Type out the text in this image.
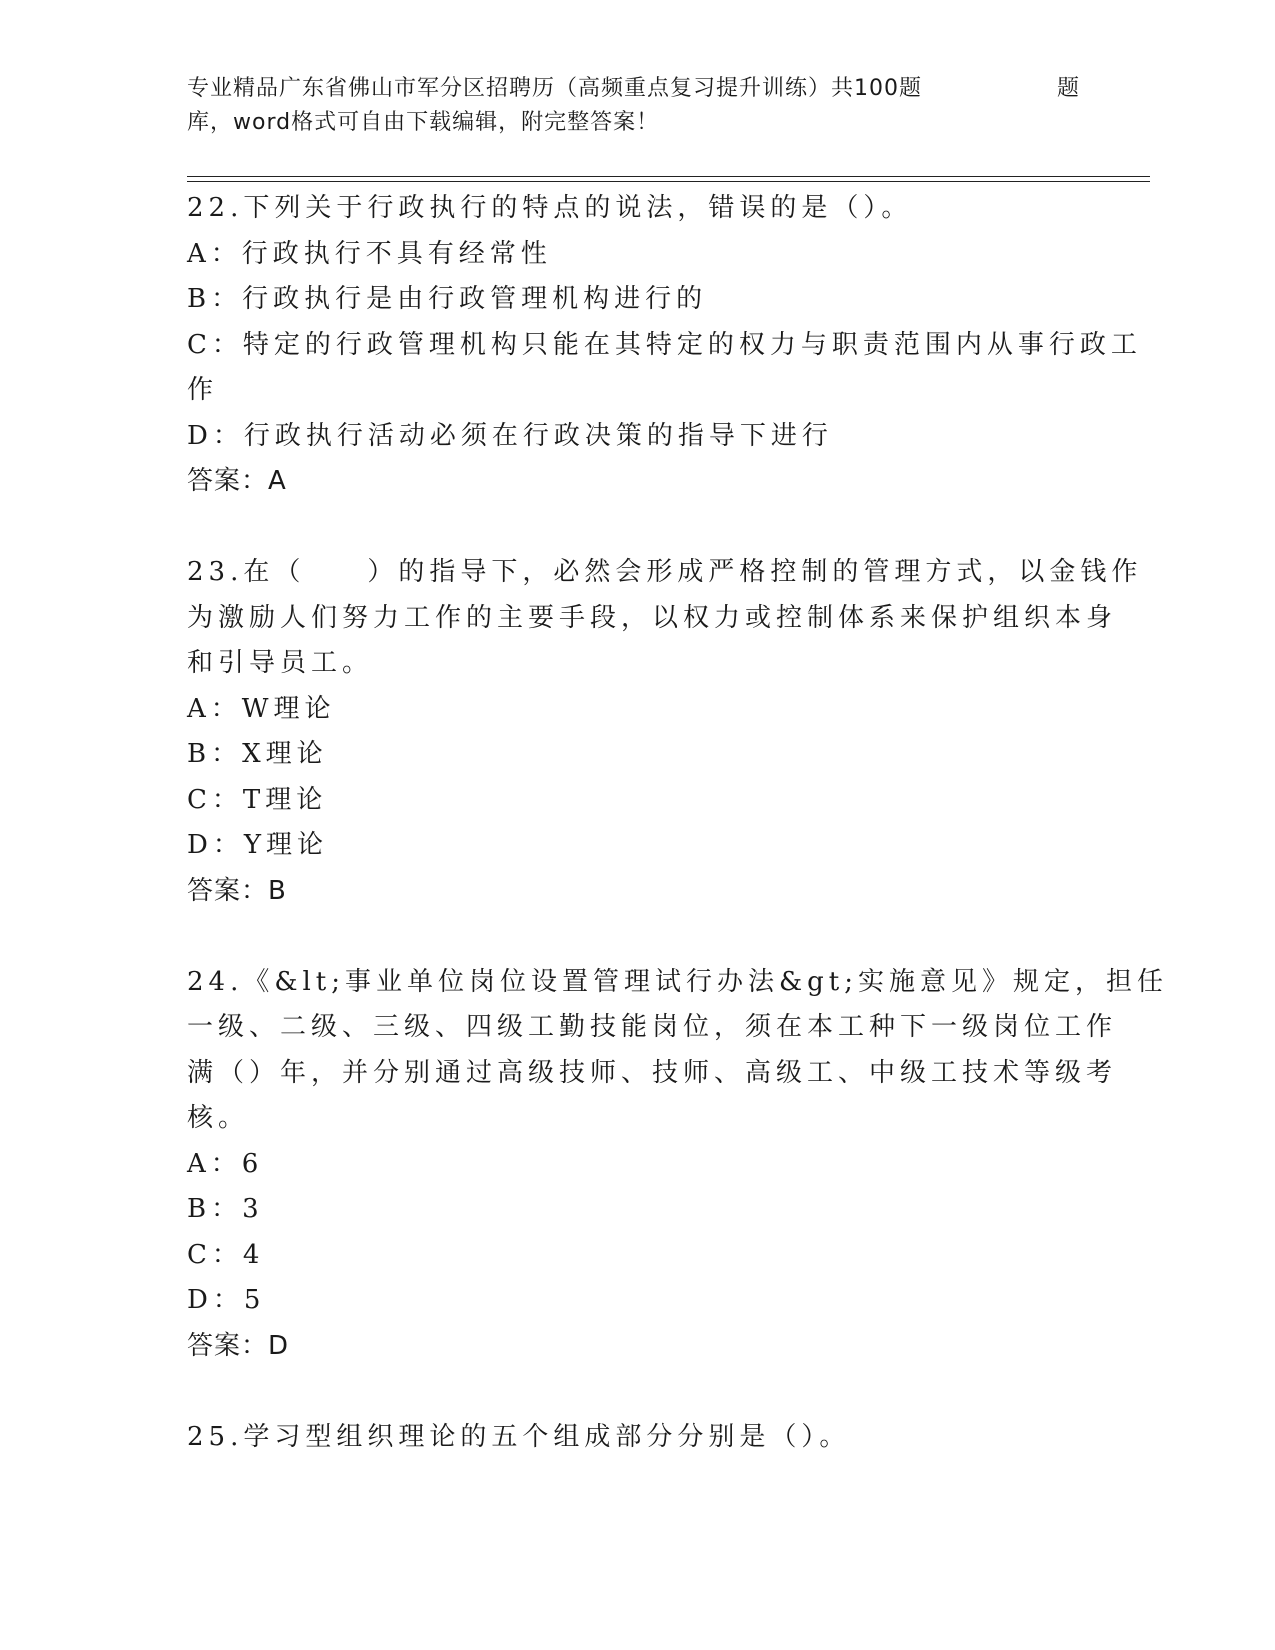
专业精品广东省佛山市军分区招聘历（高频重点复习提升训练）共100题	题
库，word格式可自由下载编辑，附完整答案！
22.下列关于行政执行的特点的说法，错误的是（）。
A：行政执行不具有经常性
B：行政执行是由行政管理机构进行的
C：特定的行政管理机构只能在其特定的权力与职责范围内从事行政工
作
D：行政执行活动必须在行政决策的指导下进行
答案：A
23.在（　　）的指导下，必然会形成严格控制的管理方式，以金钱作
为激励人们努力工作的主要手段，以权力或控制体系来保护组织本身
和引导员工。
A：W理论
B：X理论
C：T理论
D：Y理论
答案：B
24.《&lt;事业单位岗位设置管理试行办法&gt;实施意见》规定，担任
一级、二级、三级、四级工勤技能岗位，须在本工种下一级岗位工作
满（）年，并分别通过高级技师、技师、高级工、中级工技术等级考
核。
A：6
B：3
C：4
D：5
答案：D
25.学习型组织理论的五个组成部分分别是（）。
